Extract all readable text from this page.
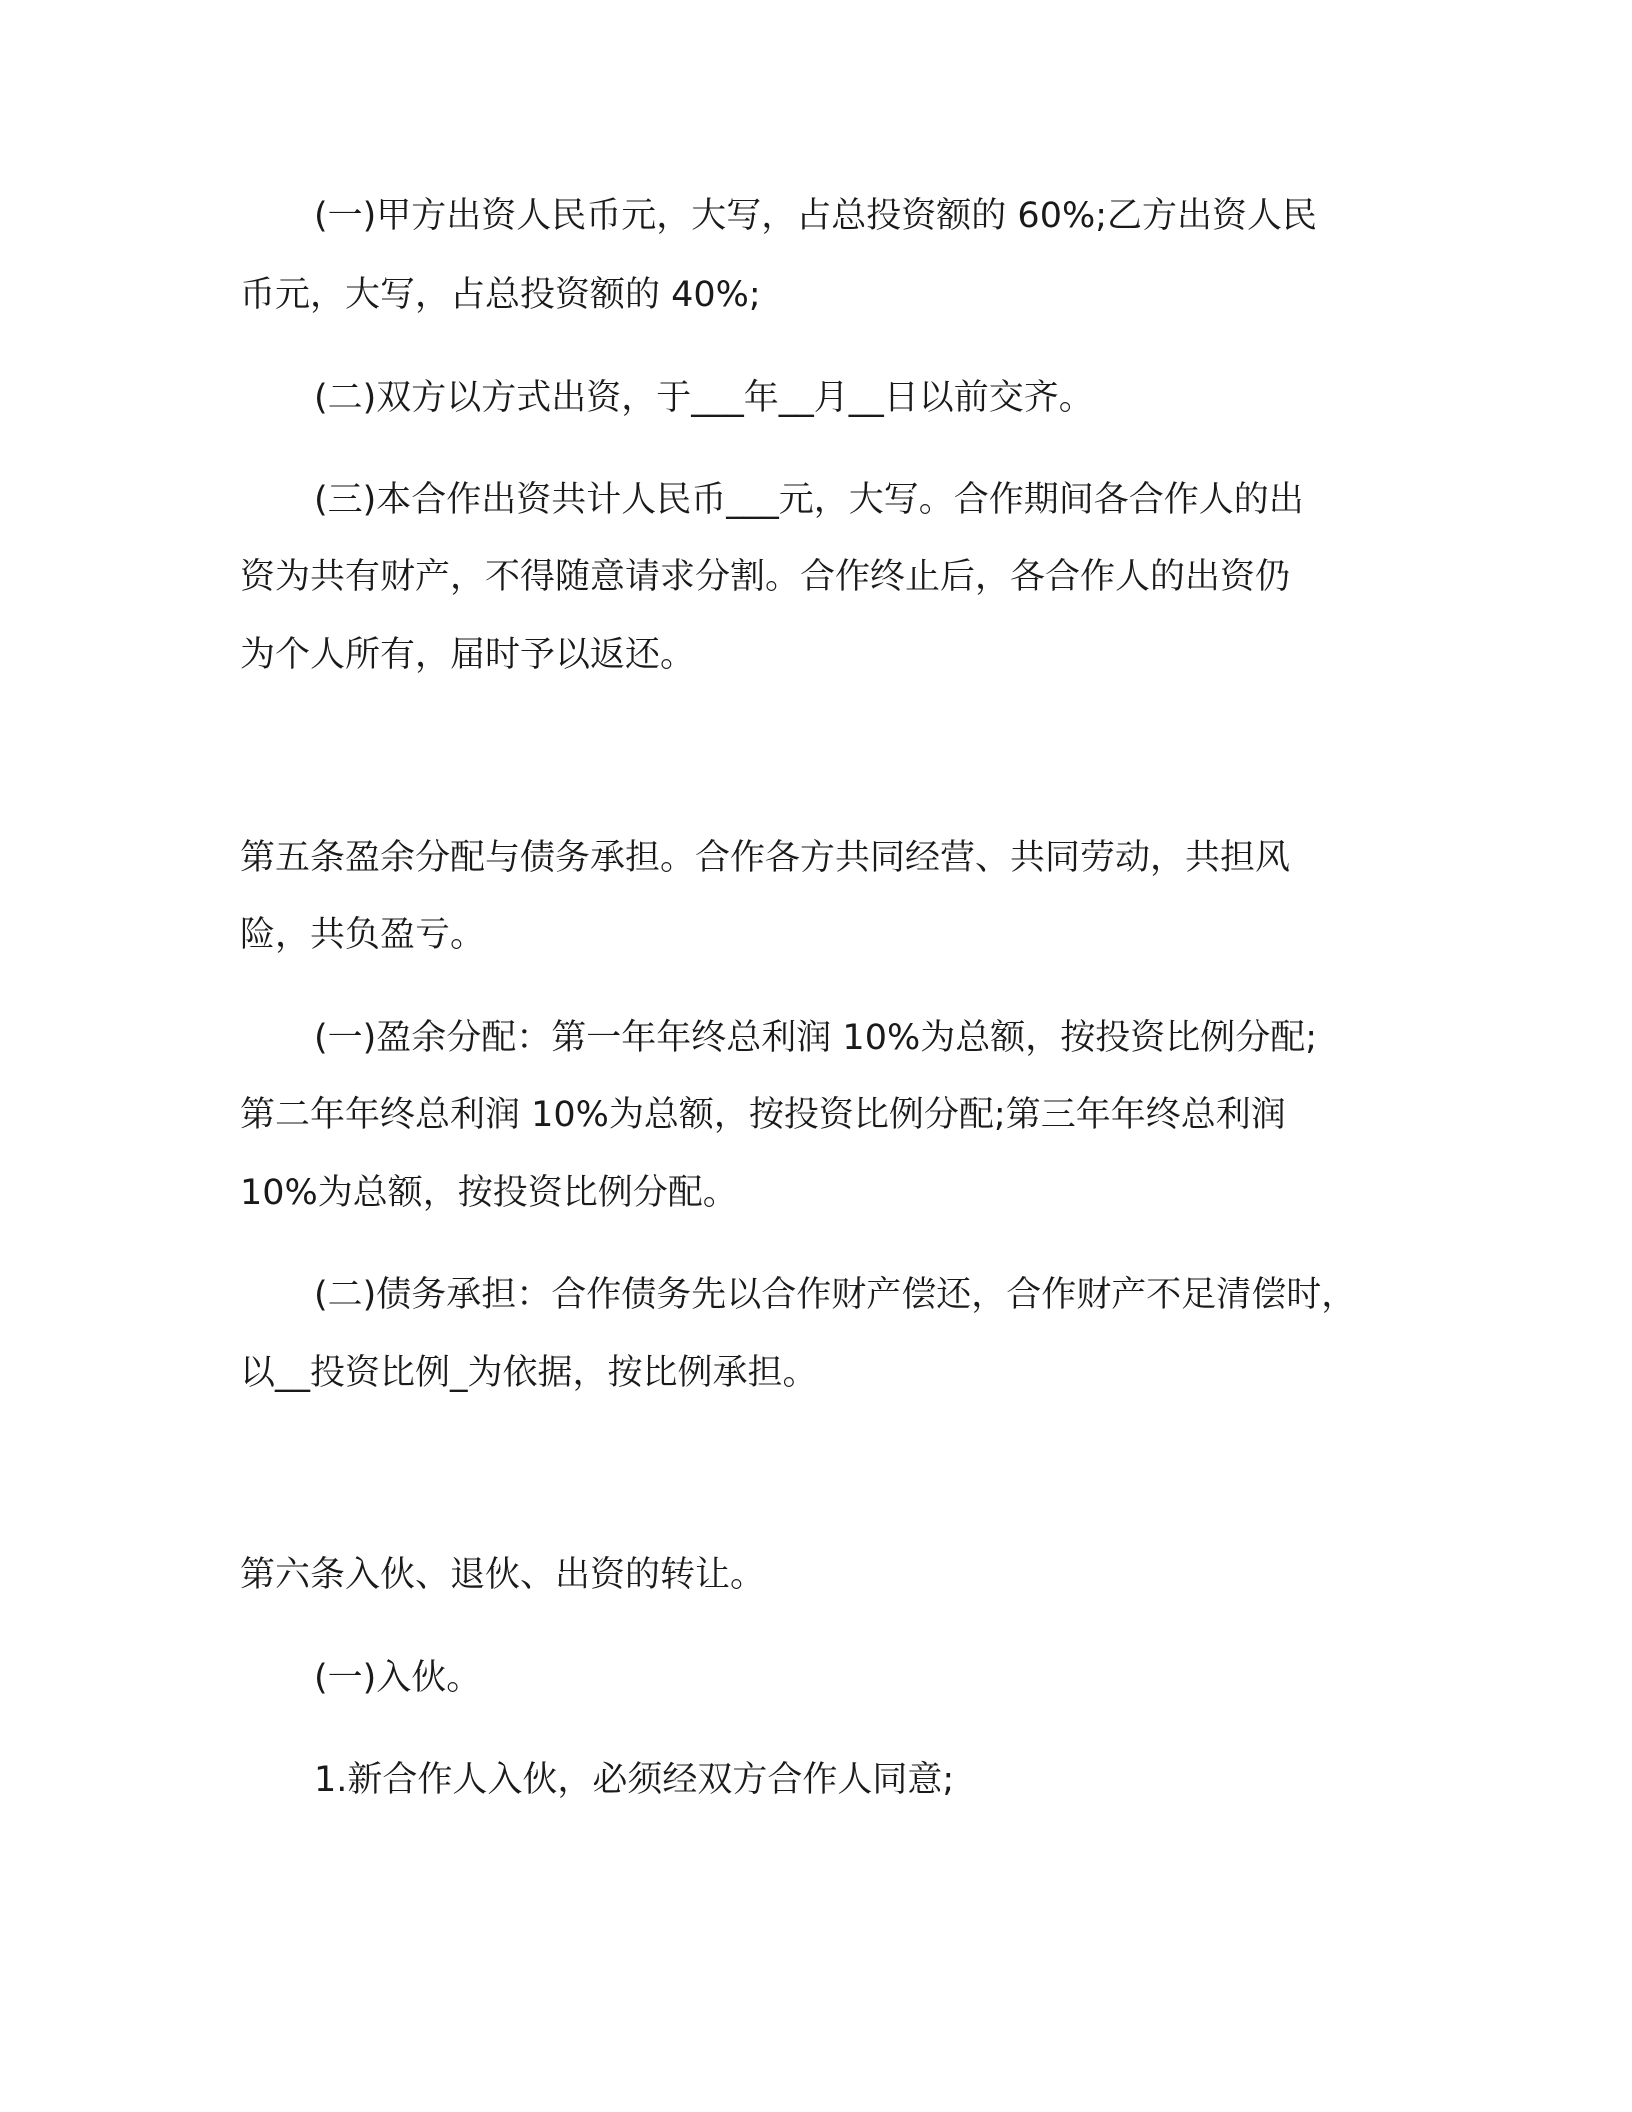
(一)甲方出资人民币元，大写，占总投资额的 60%;乙方出资人民

币元，大写，占总投资额的 40%;

(二)双方以方式出资，于___年__月__日以前交齐。

(三)本合作出资共计人民币___元，大写。合作期间各合作人的出

资为共有财产，不得随意请求分割。合作终止后，各合作人的出资仍

为个人所有，届时予以返还。

第五条盈余分配与债务承担。合作各方共同经营、共同劳动，共担风

险，共负盈亏。

(一)盈余分配：第一年年终总利润 10%为总额，按投资比例分配;

第二年年终总利润 10%为总额，按投资比例分配;第三年年终总利润

10%为总额，按投资比例分配。

(二)债务承担：合作债务先以合作财产偿还，合作财产不足清偿时，

以__投资比例_为依据，按比例承担。

第六条入伙、退伙、出资的转让。

(一)入伙。

1.新合作人入伙，必须经双方合作人同意;
